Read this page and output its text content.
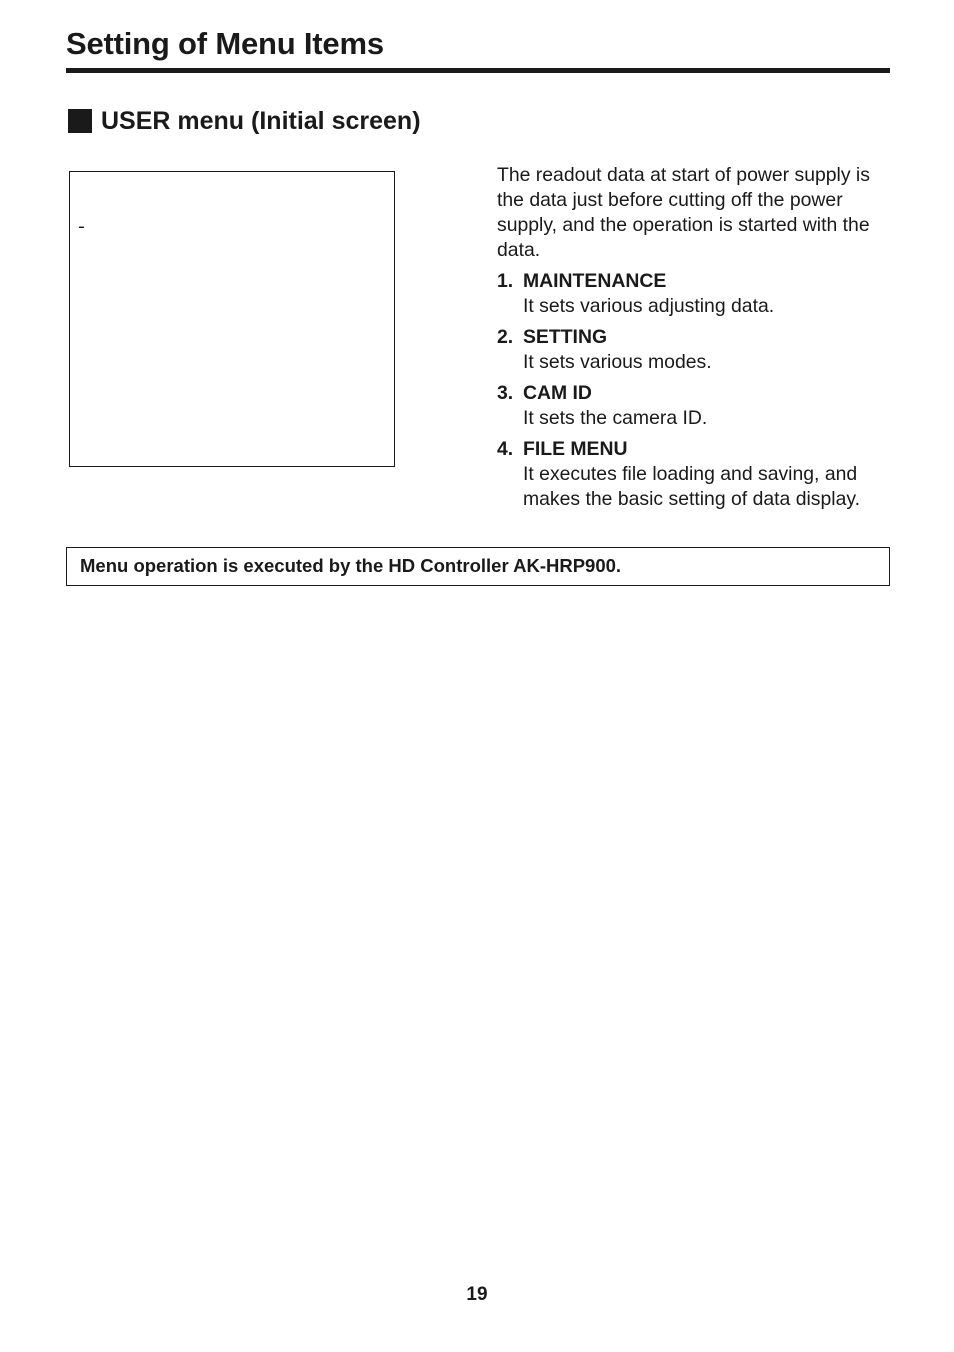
Setting of Menu Items
USER menu (Initial screen)
-

The readout data at start of power supply is the data just before cutting off the power supply, and the operation is started with the data.

1. MAINTENANCE
It sets various adjusting data.
2. SETTING
It sets various modes.
3. CAM ID
It sets the camera ID.
4. FILE MENU
It executes file loading and saving, and makes the basic setting of data display.
Menu operation is executed by the HD Controller AK-HRP900.
19
